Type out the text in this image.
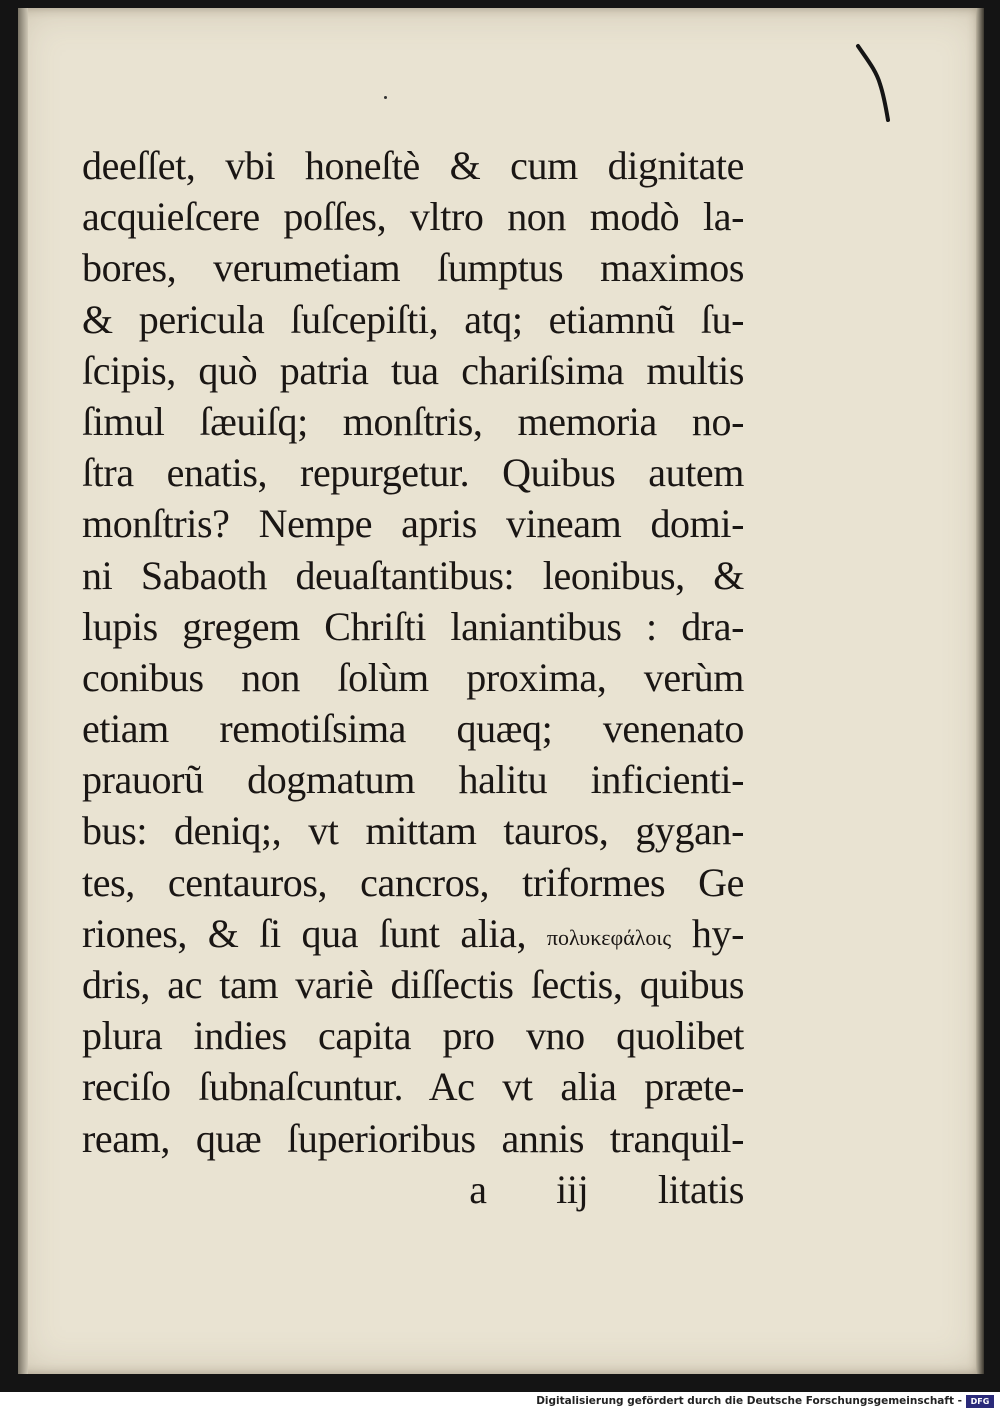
deeſſet, vbi honeſtè & cum dignitate
acquieſcere poſſes, vltro non modò la-
bores, verumetiam ſumptus maximos
& pericula ſuſcepiſti, atq; etiamnũ ſu-
ſcipis, quò patria tua chariſsima multis
ſimul ſæuiſq; monſtris, memoria no-
ſtra enatis, repurgetur. Quibus autem
monſtris? Nempe apris vineam domi-
ni Sabaoth deuaſtantibus: leonibus, &
lupis gregem Chriſti laniantibus : dra-
conibus non ſolùm proxima, verùm
etiam remotiſsima quæq; venenato
prauorũ dogmatum halitu inficienti-
bus: deniq;, vt mittam tauros, gygan-
tes, centauros, cancros, triformes Ge
riones, & ſi qua ſunt alia, πολυκεφάλοις hy-
dris, ac tam variè diſſectis ſectis, quibus
plura indies capita pro vno quolibet
reciſo ſubnaſcuntur. Ac vt alia præte-
ream, quæ ſuperioribus annis tranquil-
a iij litatis
Digitalisierung gefördert durch die Deutsche Forschungsgemeinschaft -	DFG
